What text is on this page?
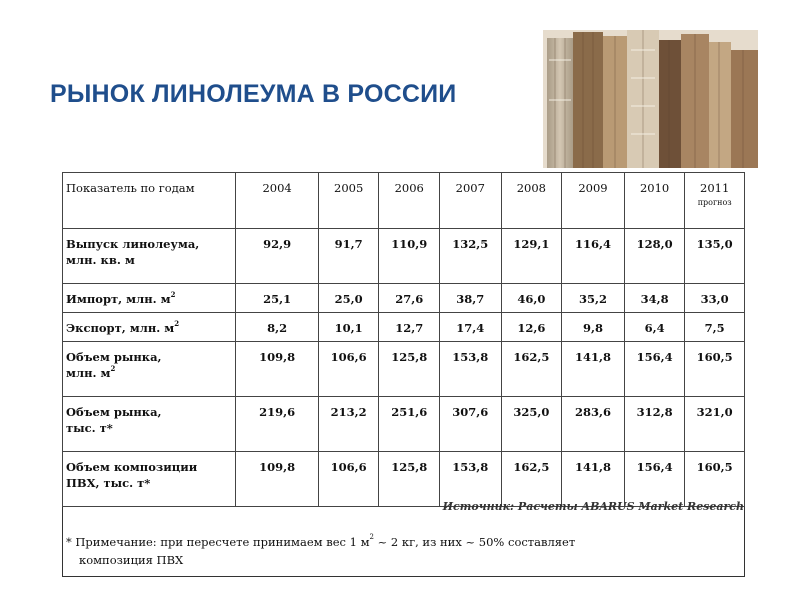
РЫНОК ЛИНОЛЕУМА В РОССИИ
Показатель по годам	2004	2005	2006	2007	2008	2009	2010	2011
прогноз

Выпуск линолеума,
млн. кв. м	92,9	91,7	110,9	132,5	129,1	116,4	128,0	135,0
Импорт, млн. $м^2$	25,1	25,0	27,6	38,7	46,0	35,2	34,8	33,0
Экспорт, млн. $м^2$	8,2	10,1	12,7	17,4	12,6	9,8	6,4	7,5
Объем рынка,
млн. $м^2$	109,8	106,6	125,8	153,8	162,5	141,8	156,4	160,5
Объем рынка,
тыс. т*	219,6	213,2	251,6	307,6	325,0	283,6	312,8	321,0
Объем композиции
ПВХ, тыс. т*	109,8	106,6	125,8	153,8	162,5	141,8	156,4	160,5
Источник: Расчеты ABARUS Market Research
* Примечание: при пересчете принимаем вес 1 $м^2$ ~ 2 кг, из них ~ 50% составляет
композиция ПВХ
